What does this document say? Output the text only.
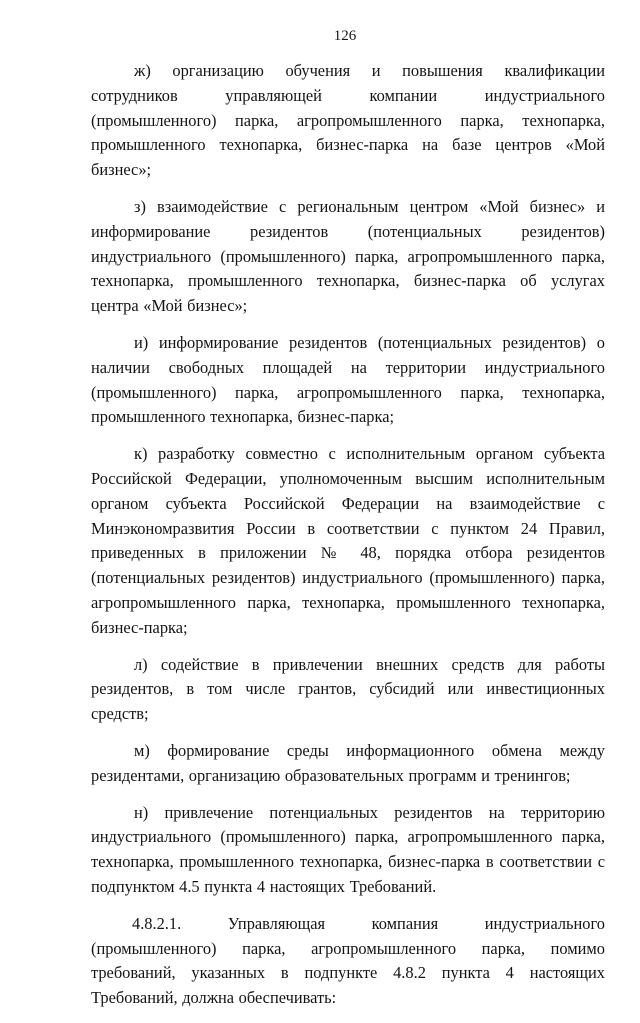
126

ж) организацию обучения и повышения квалификации сотрудников управляющей компании индустриального (промышленного) парка, агропромышленного парка, технопарка, промышленного технопарка, бизнес-парка на базе центров «Мой бизнес»;

з) взаимодействие с региональным центром «Мой бизнес» и информирование резидентов (потенциальных резидентов) индустриального (промышленного) парка, агропромышленного парка, технопарка, промышленного технопарка, бизнес-парка об услугах центра «Мой бизнес»;

и) информирование резидентов (потенциальных резидентов) о наличии свободных площадей на территории индустриального (промышленного) парка, агропромышленного парка, технопарка, промышленного технопарка, бизнес-парка;

к) разработку совместно с исполнительным органом субъекта Российской Федерации, уполномоченным высшим исполнительным органом субъекта Российской Федерации на взаимодействие с Минэкономразвития России в соответствии с пунктом 24 Правил, приведенных в приложении № 48, порядка отбора резидентов (потенциальных резидентов) индустриального (промышленного) парка, агропромышленного парка, технопарка, промышленного технопарка, бизнес-парка;

л) содействие в привлечении внешних средств для работы резидентов, в том числе грантов, субсидий или инвестиционных средств;

м) формирование среды информационного обмена между резидентами, организацию образовательных программ и тренингов;

н) привлечение потенциальных резидентов на территорию индустриального (промышленного) парка, агропромышленного парка, технопарка, промышленного технопарка, бизнес-парка в соответствии с подпунктом 4.5 пункта 4 настоящих Требований.

4.8.2.1. Управляющая компания индустриального (промышленного) парка, агропромышленного парка, помимо требований, указанных в подпункте 4.8.2 пункта 4 настоящих Требований, должна обеспечивать:
